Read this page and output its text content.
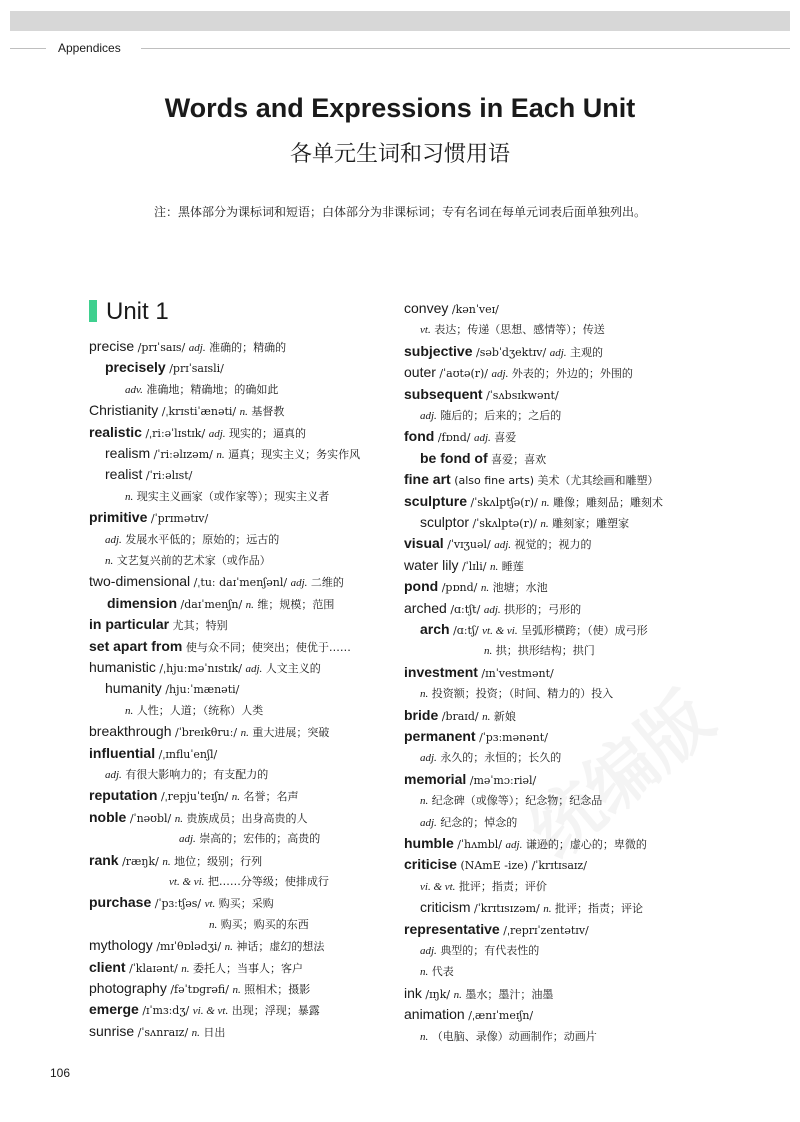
Appendices
Words and Expressions in Each Unit
各单元生词和习惯用语
注：黑体部分为课标词和短语；白体部分为非课标词；专有名词在每单元词表后面单独列出。
Unit 1
precise /prɪˈsaɪs/ adj. 准确的；精确的
precisely /prɪˈsaɪsli/
adv. 准确地；精确地；的确如此
Christianity /ˌkrɪstiˈænəti/ n. 基督教
realistic /ˌriːəˈlɪstɪk/ adj. 现实的；逼真的
realism /ˈriːəlɪzəm/ n. 逼真；现实主义；务实作风
realist /ˈriːəlɪst/
n. 现实主义画家（或作家等）；现实主义者
primitive /ˈprɪmətɪv/
adj. 发展水平低的；原始的；远古的
n. 文艺复兴前的艺术家（或作品）
two-dimensional /ˌtuː daɪˈmenʃənl/ adj. 二维的
dimension /daɪˈmenʃn/ n. 维；规模；范围
in particular 尤其；特别
set apart from 使与众不同；使突出；使优于……
humanistic /ˌhjuːməˈnɪstɪk/ adj. 人文主义的
humanity /hjuːˈmænəti/
n. 人性；人道；（统称）人类
breakthrough /ˈbreɪkθruː/ n. 重大进展；突破
influential /ˌɪnfluˈenʃl/
adj. 有很大影响力的；有支配力的
reputation /ˌrepjuˈteɪʃn/ n. 名誉；名声
noble /ˈnəʊbl/ n. 贵族成员；出身高贵的人
adj. 崇高的；宏伟的；高贵的
rank /ræŋk/ n. 地位；级别；行列
vt. & vi. 把……分等级；使排成行
purchase /ˈpɜːtʃəs/ vt. 购买；采购
n. 购买；购买的东西
mythology /mɪˈθɒlədʒi/ n. 神话；虚幻的想法
client /ˈklaɪənt/ n. 委托人；当事人；客户
photography /fəˈtɒɡrəfi/ n. 照相术；摄影
emerge /ɪˈmɜːdʒ/ vi. & vt. 出现；浮现；暴露
sunrise /ˈsʌnraɪz/ n. 日出
convey /kənˈveɪ/
vt. 表达；传递（思想、感情等）；传送
subjective /səbˈdʒektɪv/ adj. 主观的
outer /ˈaʊtə(r)/ adj. 外表的；外边的；外围的
subsequent /ˈsʌbsɪkwənt/
adj. 随后的；后来的；之后的
fond /fɒnd/ adj. 喜爱
be fond of 喜爱；喜欢
fine art (also fine arts) 美术（尤其绘画和雕塑）
sculpture /ˈskʌlptʃə(r)/ n. 雕像；雕刻品；雕刻术
sculptor /ˈskʌlptə(r)/ n. 雕刻家；雕塑家
visual /ˈvɪʒuəl/ adj. 视觉的；视力的
water lily /ˈlɪli/ n. 睡莲
pond /pɒnd/ n. 池塘；水池
arched /ɑːtʃt/ adj. 拱形的；弓形的
arch /ɑːtʃ/ vt. & vi. 呈弧形横跨；（使）成弓形
n. 拱；拱形结构；拱门
investment /ɪnˈvestmənt/
n. 投资额；投资；（时间、精力的）投入
bride /braɪd/ n. 新娘
permanent /ˈpɜːmənənt/
adj. 永久的；永恒的；长久的
memorial /məˈmɔːriəl/
n. 纪念碑（或像等）；纪念物；纪念品
adj. 纪念的；悼念的
humble /ˈhʌmbl/ adj. 谦逊的；虚心的；卑微的
criticise (NAmE -ize) /ˈkrɪtɪsaɪz/
vi. & vt. 批评；指责；评价
criticism /ˈkrɪtɪsɪzəm/ n. 批评；指责；评论
representative /ˌreprɪˈzentətɪv/
adj. 典型的；有代表性的
n. 代表
ink /ɪŋk/ n. 墨水；墨汁；油墨
animation /ˌænɪˈmeɪʃn/
n. （电脑、录像）动画制作；动画片
106
